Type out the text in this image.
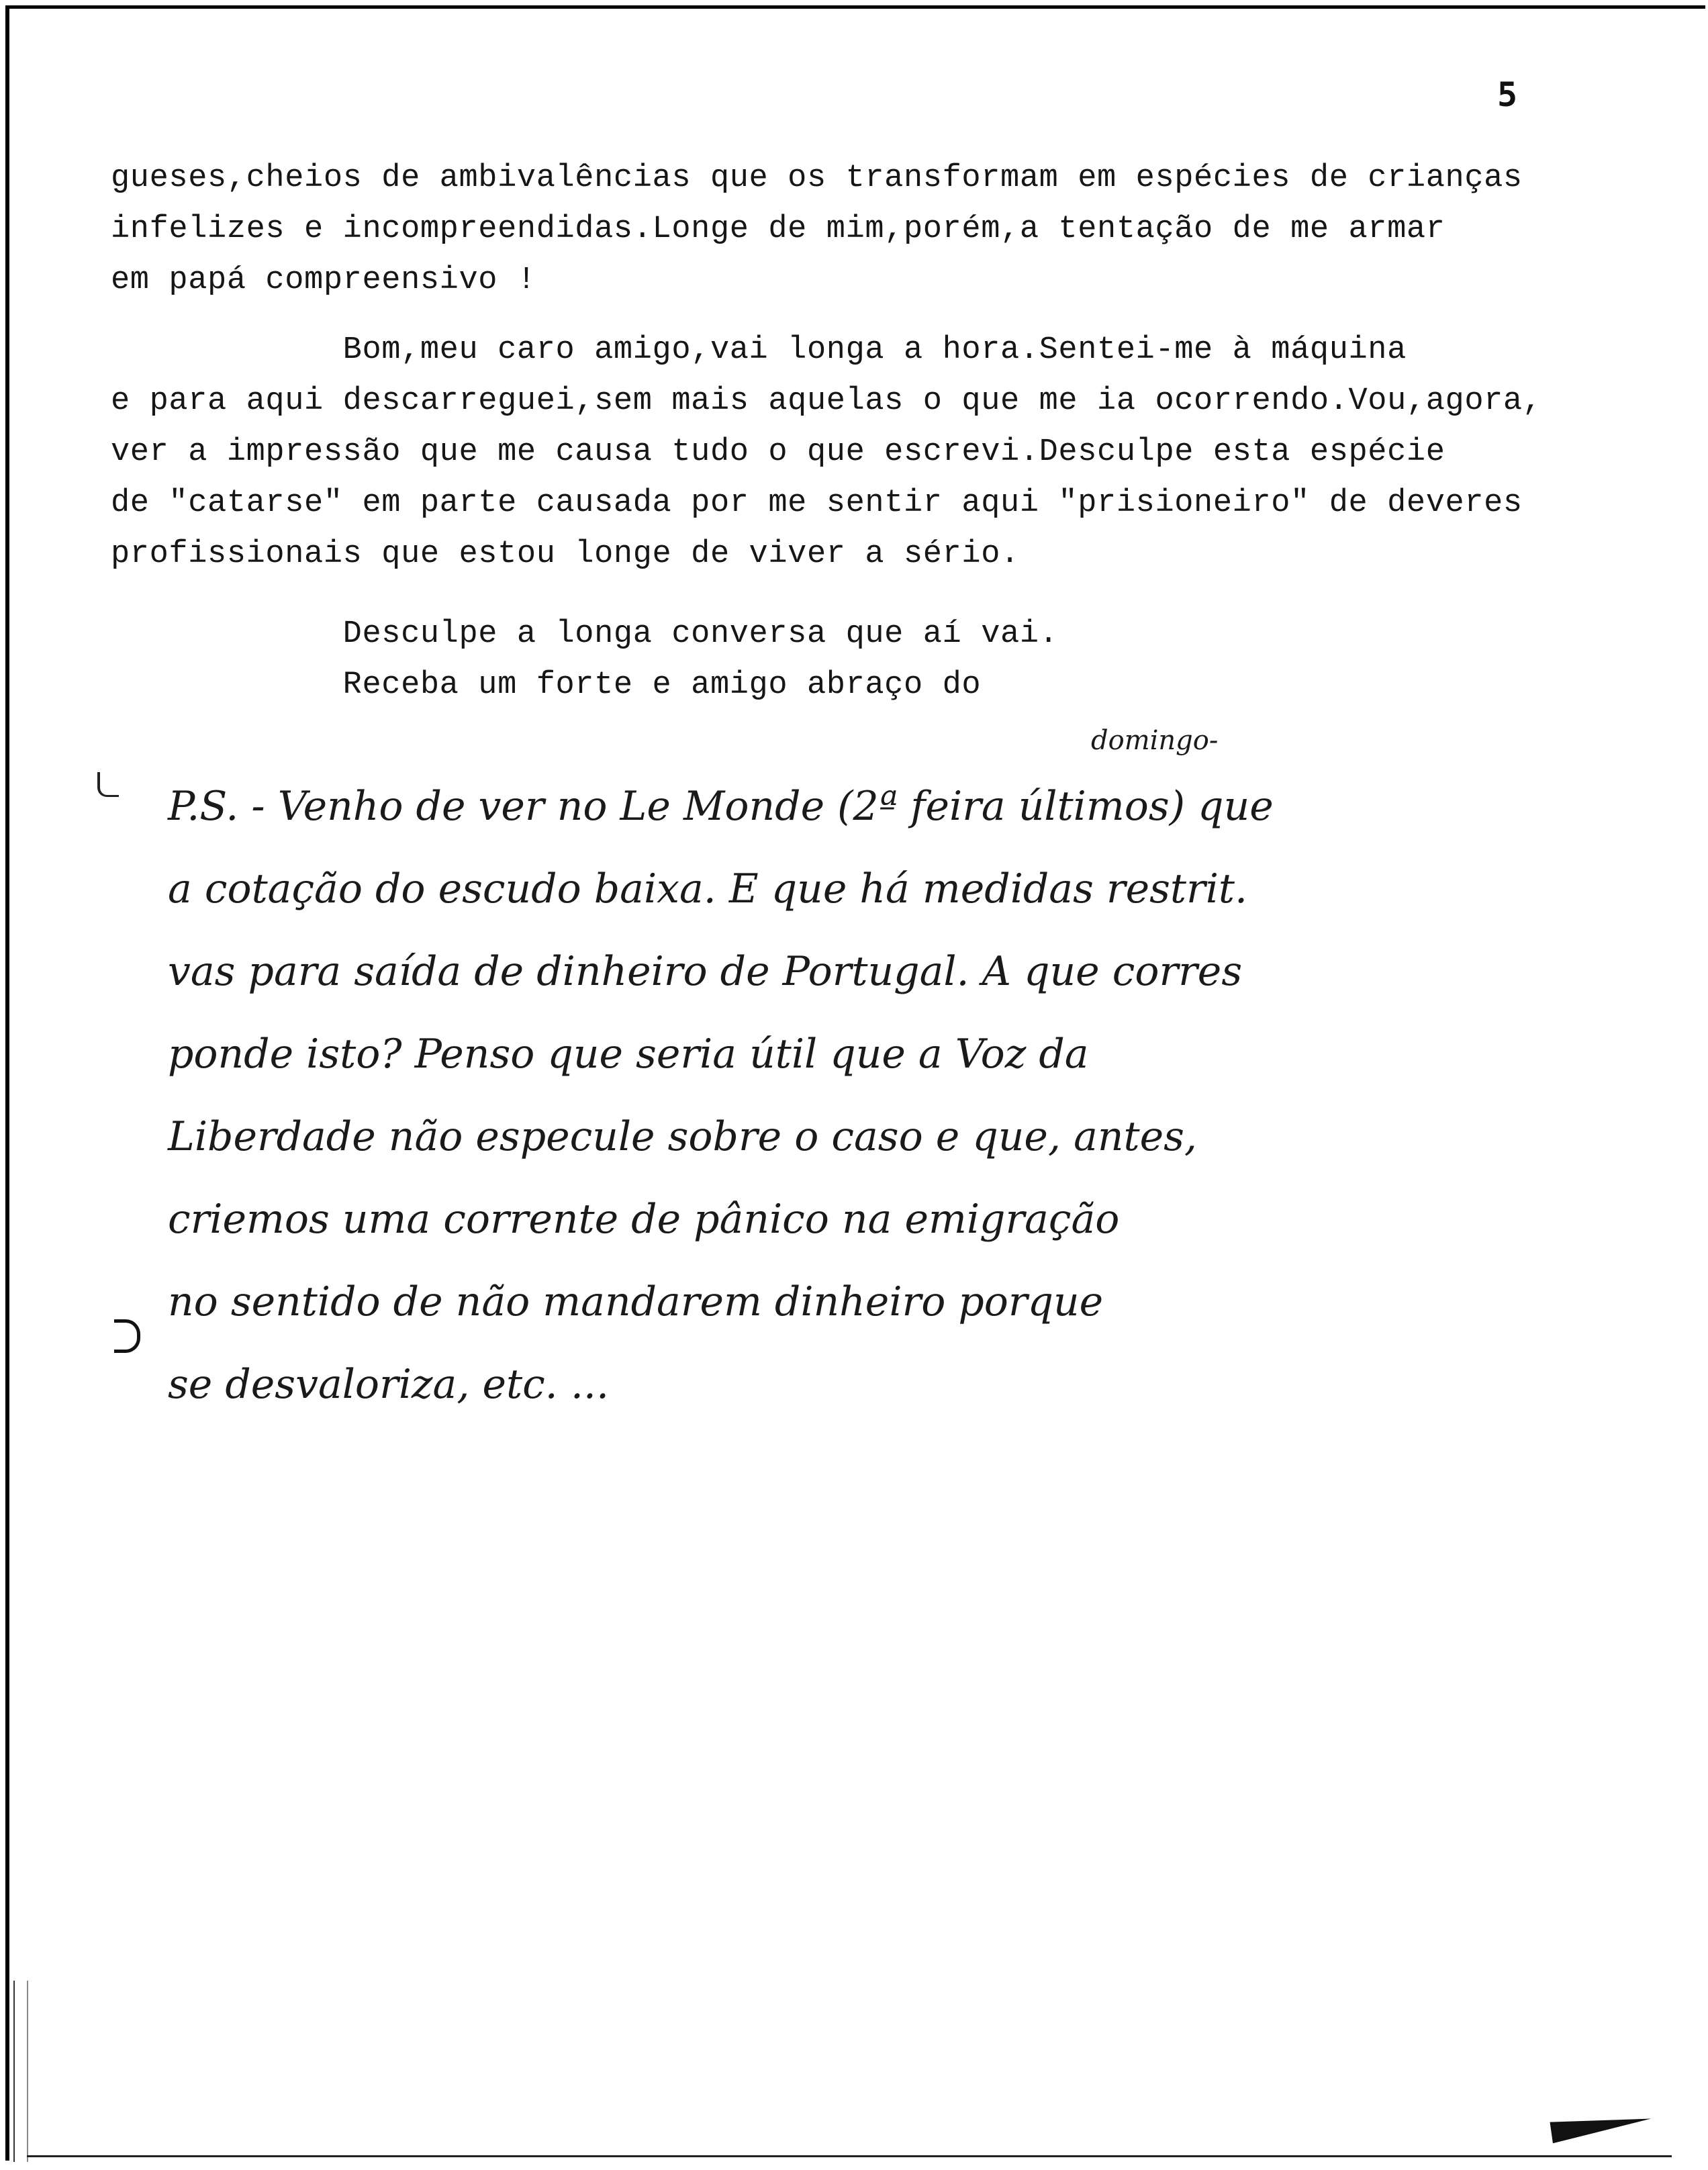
5
gueses,cheios de ambivalências que os transformam em espécies de crianças
infelizes e incompreendidas.Longe de mim,porém,a tentação de me armar
em papá compreensivo !
Bom,meu caro amigo,vai longa a hora.Sentei-me à máquina
e para aqui descarreguei,sem mais aquelas o que me ia ocorrendo.Vou,agora,
ver a impressão que me causa tudo o que escrevi.Desculpe esta espécie
de "catarse" em parte causada por me sentir aqui "prisioneiro" de deveres
profissionais que estou longe de viver a sério.
Desculpe a longa conversa que aí vai.
Receba um forte e amigo abraço do
domingo-
P.S. - Venho de ver no Le Monde (2ª feira últimos) que
a cotação do escudo baixa. E que há medidas restrit.
vas para saída de dinheiro de Portugal. A que corres
ponde isto? Penso que seria útil que a Voz da
Liberdade não especule sobre o caso e que, antes,
criemos uma corrente de pânico na emigração
no sentido de não mandarem dinheiro porque
se desvaloriza, etc. ...
